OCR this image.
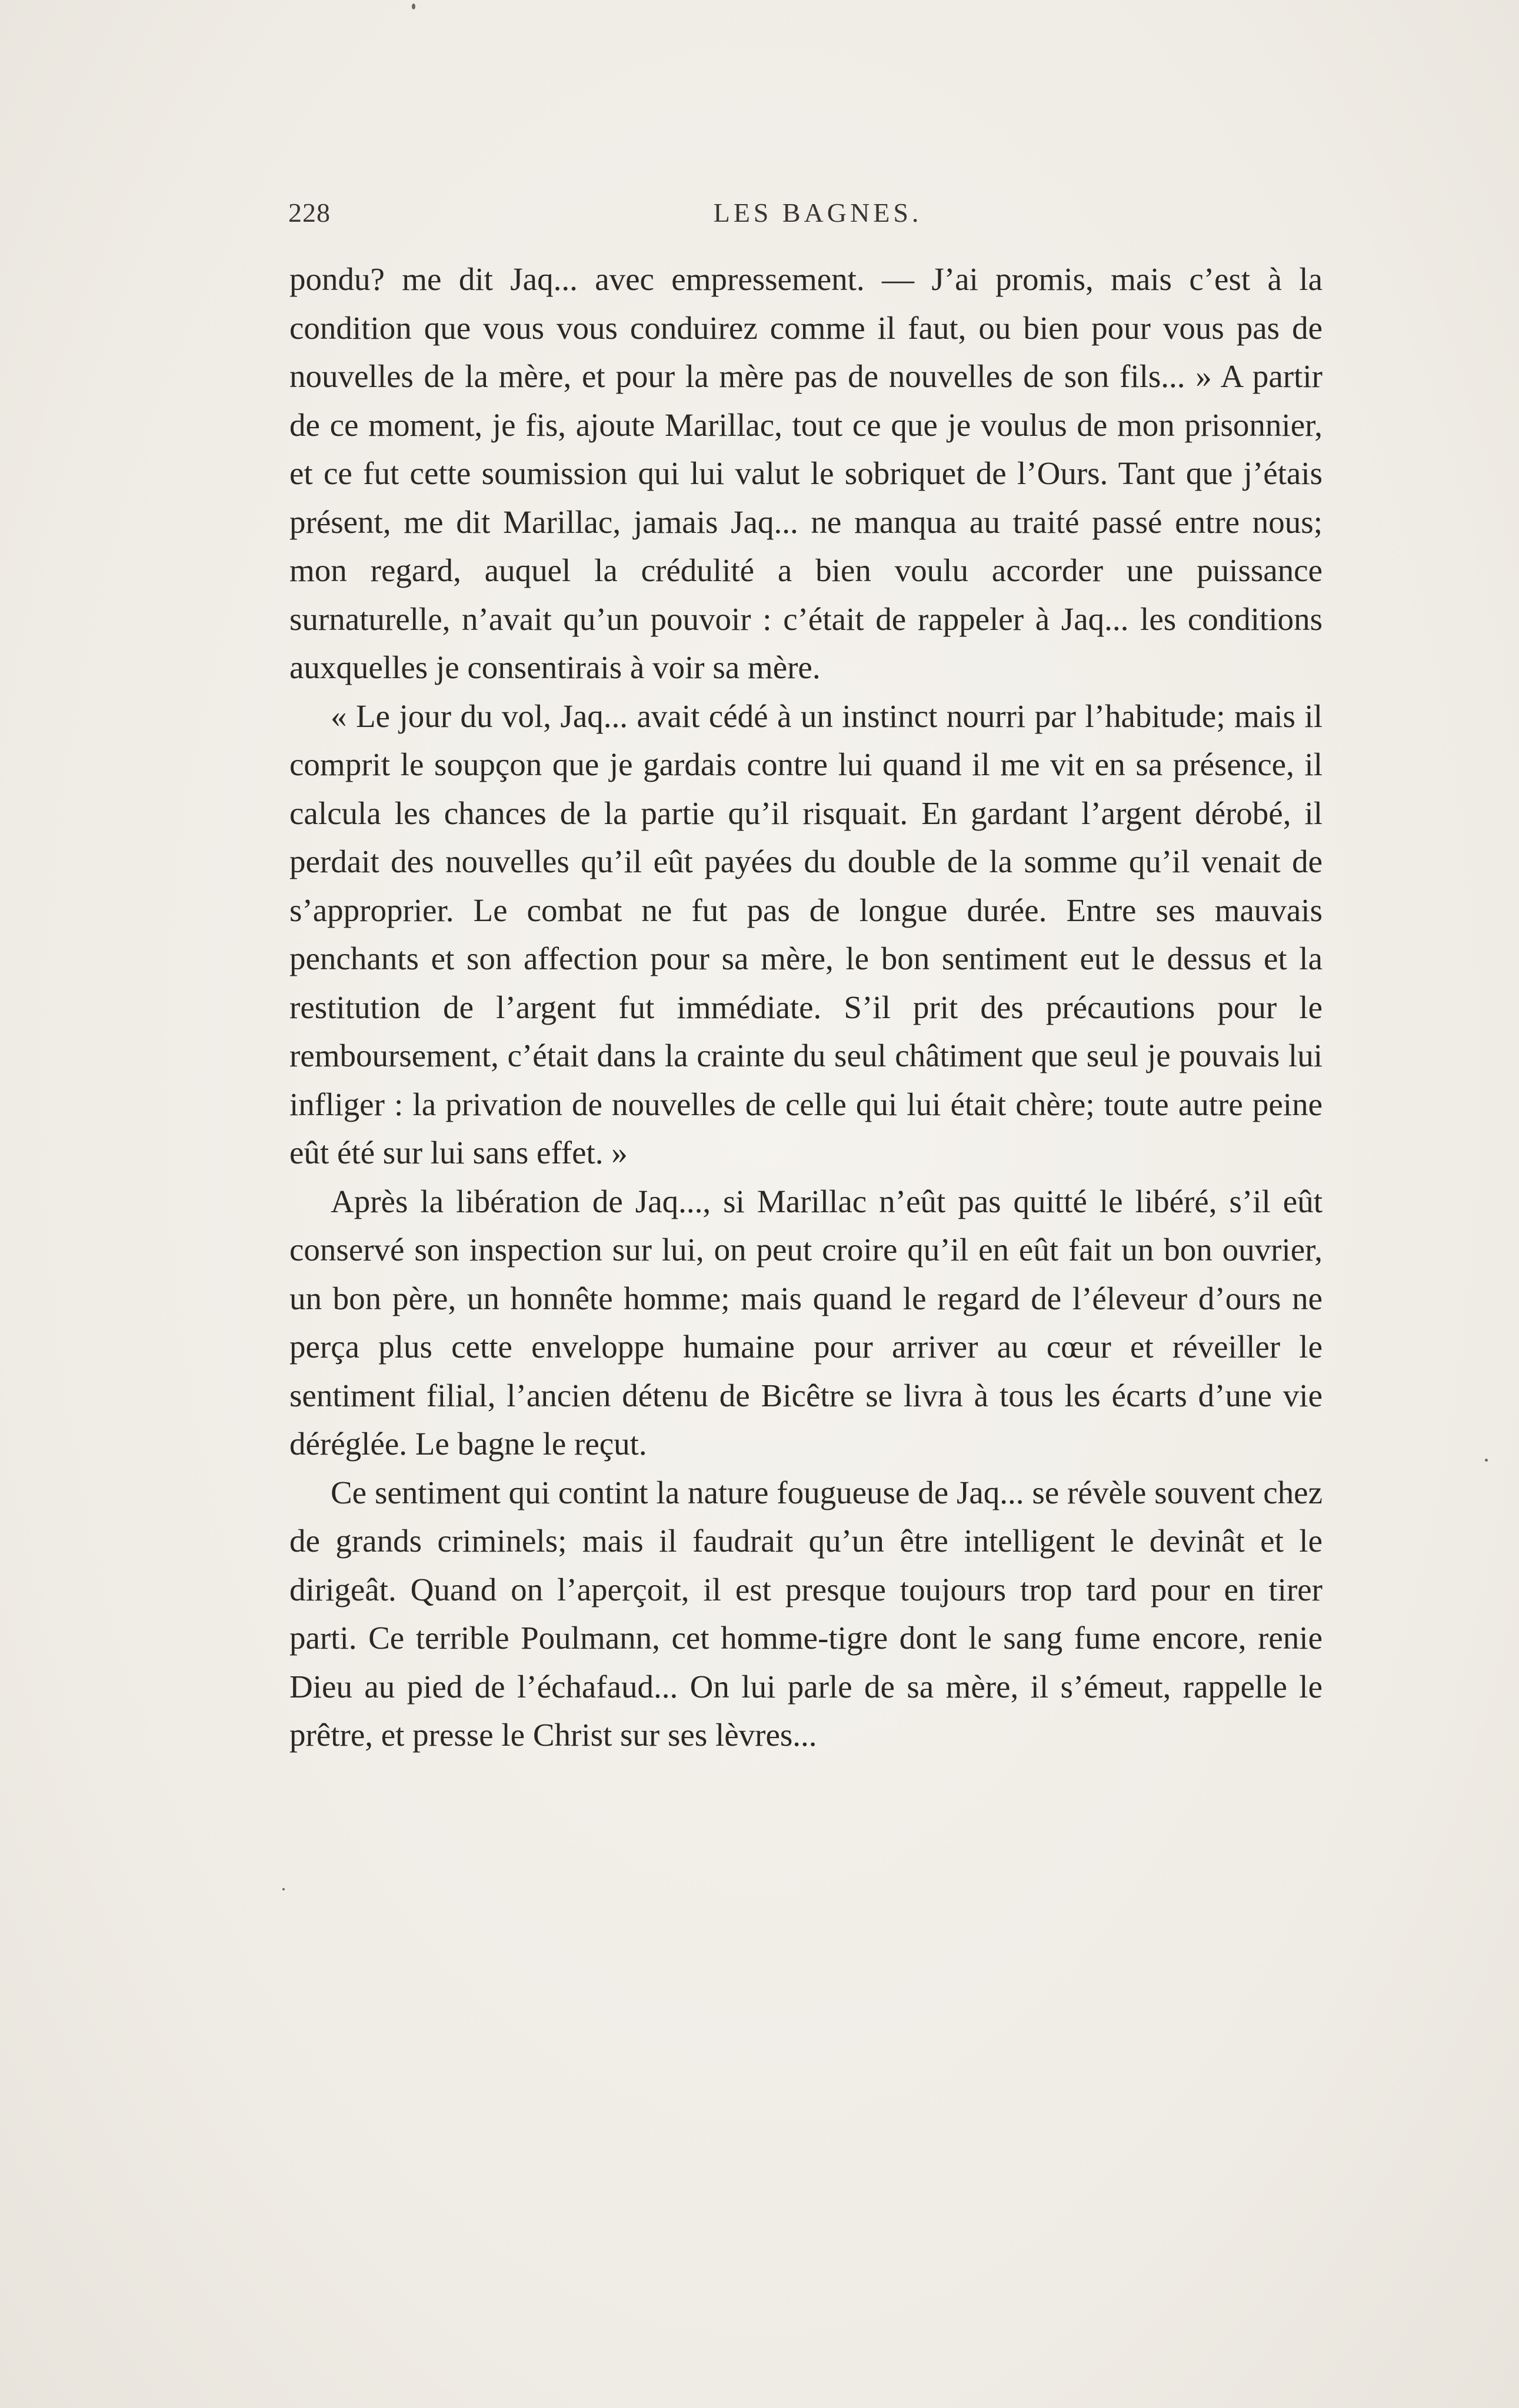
228	LES BAGNES.

pondu? me dit Jaq... avec empressement. — J’ai promis, mais c’est à la condition que vous vous conduirez comme il faut, ou bien pour vous pas de nouvelles de la mère, et pour la mère pas de nouvelles de son fils... » A partir de ce moment, je fis, ajoute Marillac, tout ce que je voulus de mon prisonnier, et ce fut cette soumission qui lui valut le sobriquet de l’Ours. Tant que j’étais présent, me dit Marillac, jamais Jaq... ne manqua au traité passé entre nous; mon regard, auquel la crédulité a bien voulu accorder une puissance surnaturelle, n’avait qu’un pouvoir : c’était de rappeler à Jaq... les conditions auxquelles je consentirais à voir sa mère.

« Le jour du vol, Jaq... avait cédé à un instinct nourri par l’habitude; mais il comprit le soupçon que je gardais contre lui quand il me vit en sa présence, il calcula les chances de la partie qu’il risquait. En gardant l’argent dérobé, il perdait des nouvelles qu’il eût payées du double de la somme qu’il venait de s’approprier. Le combat ne fut pas de longue durée. Entre ses mauvais penchants et son affection pour sa mère, le bon sentiment eut le dessus et la restitution de l’argent fut immédiate. S’il prit des précautions pour le remboursement, c’était dans la crainte du seul châtiment que seul je pouvais lui infliger : la privation de nouvelles de celle qui lui était chère; toute autre peine eût été sur lui sans effet. »

Après la libération de Jaq..., si Marillac n’eût pas quitté le libéré, s’il eût conservé son inspection sur lui, on peut croire qu’il en eût fait un bon ouvrier, un bon père, un honnête homme; mais quand le regard de l’éleveur d’ours ne perça plus cette enveloppe humaine pour arriver au cœur et réveiller le sentiment filial, l’ancien détenu de Bicêtre se livra à tous les écarts d’une vie déréglée. Le bagne le reçut.

Ce sentiment qui contint la nature fougueuse de Jaq... se révèle souvent chez de grands criminels; mais il faudrait qu’un être intelligent le devinât et le dirigeât. Quand on l’aperçoit, il est presque toujours trop tard pour en tirer parti. Ce terrible Poulmann, cet homme-tigre dont le sang fume encore, renie Dieu au pied de l’échafaud... On lui parle de sa mère, il s’émeut, rappelle le prêtre, et presse le Christ sur ses lèvres...
